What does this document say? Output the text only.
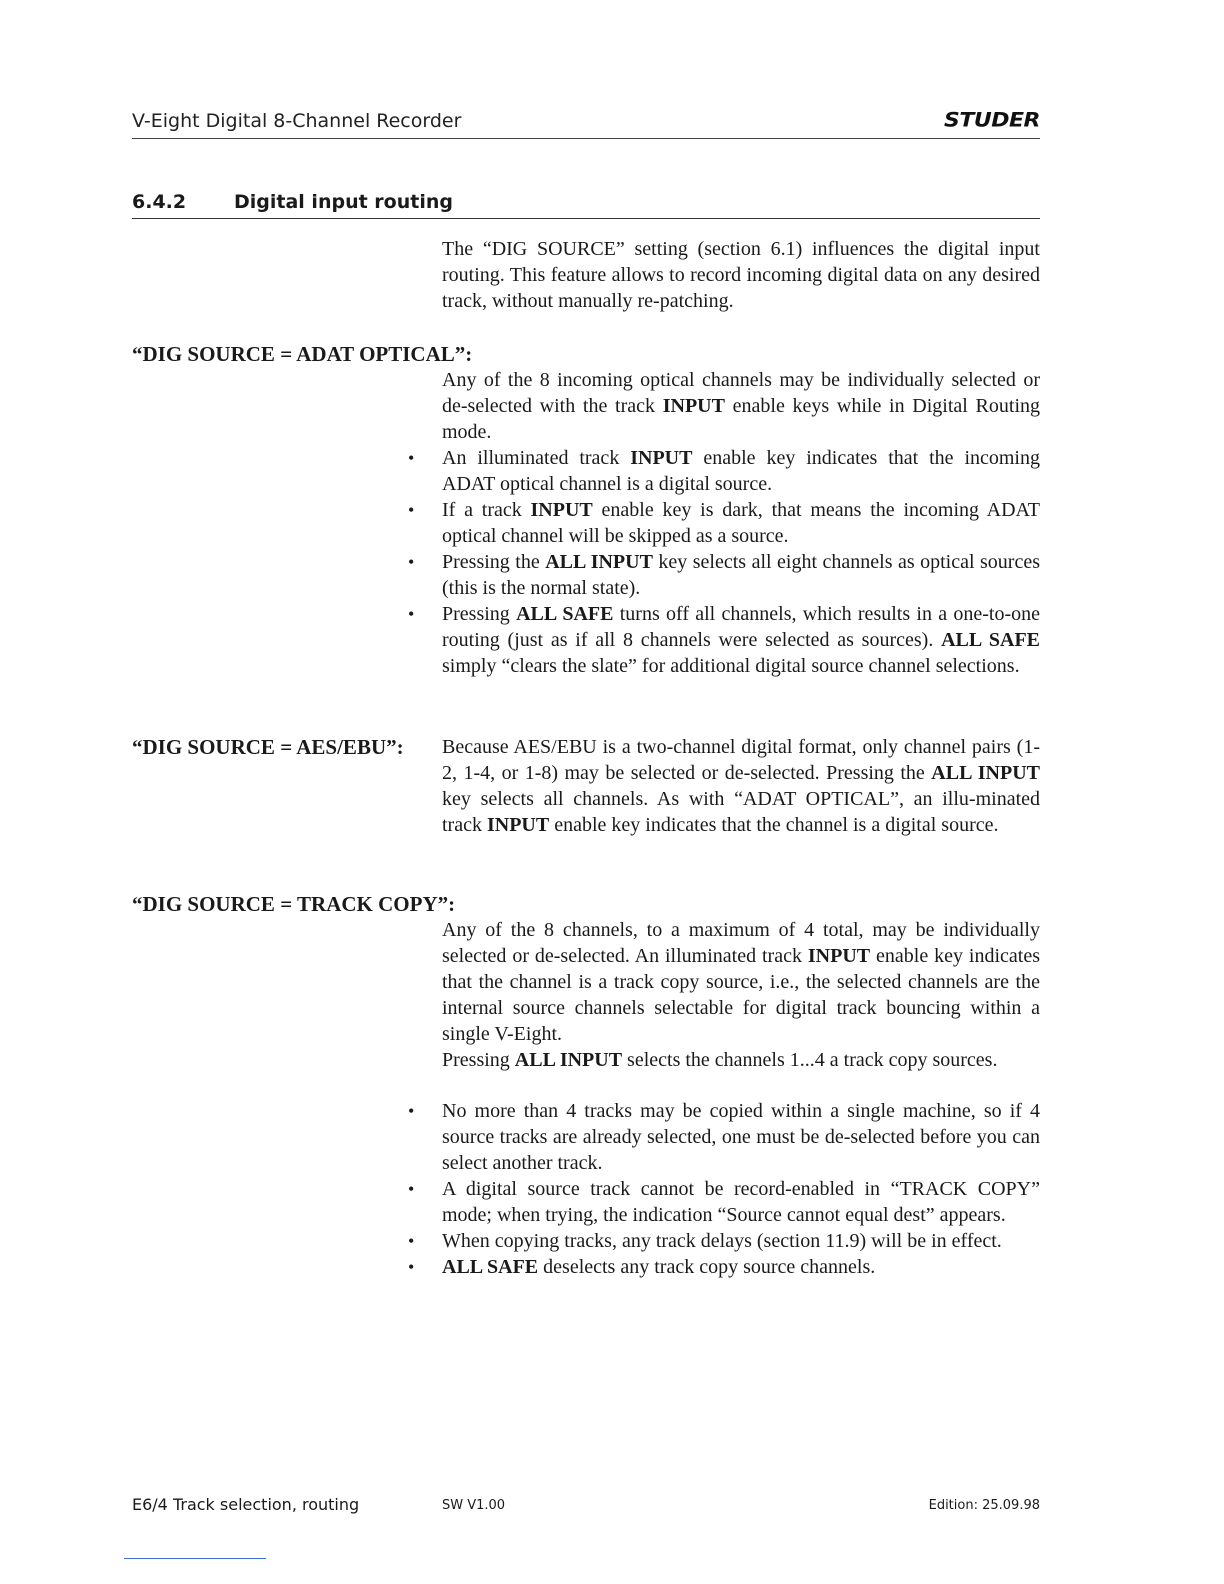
V-Eight Digital 8-Channel Recorder	STUDER
6.4.2	Digital input routing

The “DIG SOURCE” setting (section 6.1) influences the digital input routing. This feature allows to record incoming digital data on any desired track, without manually re-patching.

“DIG SOURCE = ADAT OPTICAL”:

Any of the 8 incoming optical channels may be individually selected or de-selected with the track INPUT enable keys while in Digital Routing mode.

• An illuminated track INPUT enable key indicates that the incoming ADAT optical channel is a digital source.
• If a track INPUT enable key is dark, that means the incoming ADAT optical channel will be skipped as a source.
• Pressing the ALL INPUT key selects all eight channels as optical sources (this is the normal state).
• Pressing ALL SAFE turns off all channels, which results in a one-to-one routing (just as if all 8 channels were selected as sources). ALL SAFE simply “clears the slate” for additional digital source channel selections.
“DIG SOURCE = AES/EBU”: Because AES/EBU is a two-channel digital format, only channel pairs (1-2, 1-4, or 1-8) may be selected or de-selected. Pressing the ALL INPUT key selects all channels. As with “ADAT OPTICAL”, an illu-minated track INPUT enable key indicates that the channel is a digital source.

“DIG SOURCE = TRACK COPY”:

Any of the 8 channels, to a maximum of 4 total, may be individually selected or de-selected. An illuminated track INPUT enable key indicates that the channel is a track copy source, i.e., the selected channels are the internal source channels selectable for digital track bouncing within a single V-Eight.

Pressing ALL INPUT selects the channels 1...4 a track copy sources.

• No more than 4 tracks may be copied within a single machine, so if 4 source tracks are already selected, one must be de-selected before you can select another track.
• A digital source track cannot be record-enabled in “TRACK COPY” mode; when trying, the indication “Source cannot equal dest” appears.
• When copying tracks, any track delays (section 11.9) will be in effect.
• ALL SAFE deselects any track copy source channels.
E6/4 Track selection, routing	SW V1.00	Edition: 25.09.98
